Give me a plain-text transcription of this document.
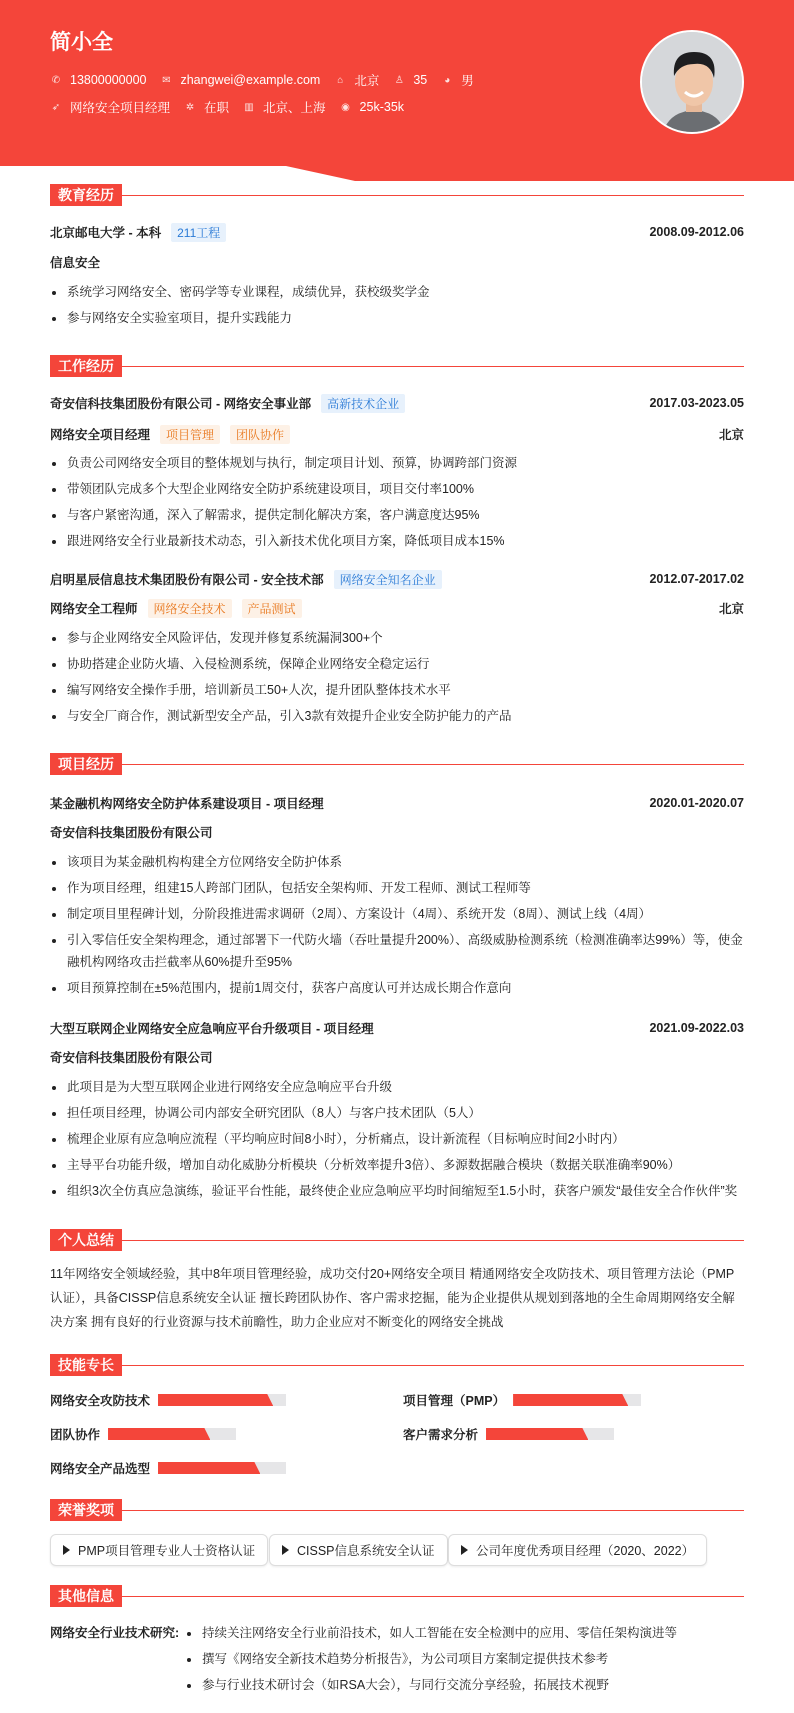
简小全
✆ 13800000000 ✉ zhangwei@example.com ⌂ 北京 ♙ 35 ◕ 男
➶ 网络安全项目经理 ✲ 在职 ▥ 北京、上海 ◉ 25k-35k
教育经历
北京邮电大学 - 本科	211工程	2008.09-2012.06
信息安全
系统学习网络安全、密码学等专业课程，成绩优异，获校级奖学金
参与网络安全实验室项目，提升实践能力
工作经历
奇安信科技集团股份有限公司 - 网络安全事业部	高新技术企业	2017.03-2023.05
网络安全项目经理	项目管理	团队协作	北京
负责公司网络安全项目的整体规划与执行，制定项目计划、预算，协调跨部门资源
带领团队完成多个大型企业网络安全防护系统建设项目，项目交付率100%
与客户紧密沟通，深入了解需求，提供定制化解决方案，客户满意度达95%
跟进网络安全行业最新技术动态，引入新技术优化项目方案，降低项目成本15%
启明星辰信息技术集团股份有限公司 - 安全技术部	网络安全知名企业	2012.07-2017.02
网络安全工程师	网络安全技术	产品测试	北京
参与企业网络安全风险评估，发现并修复系统漏洞300+个
协助搭建企业防火墙、入侵检测系统，保障企业网络安全稳定运行
编写网络安全操作手册，培训新员工50+人次，提升团队整体技术水平
与安全厂商合作，测试新型安全产品，引入3款有效提升企业安全防护能力的产品
项目经历
某金融机构网络安全防护体系建设项目 - 项目经理	2020.01-2020.07
奇安信科技集团股份有限公司
该项目为某金融机构构建全方位网络安全防护体系
作为项目经理，组建15人跨部门团队，包括安全架构师、开发工程师、测试工程师等
制定项目里程碑计划，分阶段推进需求调研（2周）、方案设计（4周）、系统开发（8周）、测试上线（4周）
引入零信任安全架构理念，通过部署下一代防火墙（吞吐量提升200%）、高级威胁检测系统（检测准确率达99%）等，使金融机构网络攻击拦截率从60%提升至95%
项目预算控制在±5%范围内，提前1周交付，获客户高度认可并达成长期合作意向
大型互联网企业网络安全应急响应平台升级项目 - 项目经理	2021.09-2022.03
奇安信科技集团股份有限公司
此项目是为大型互联网企业进行网络安全应急响应平台升级
担任项目经理，协调公司内部安全研究团队（8人）与客户技术团队（5人）
梳理企业原有应急响应流程（平均响应时间8小时），分析痛点，设计新流程（目标响应时间2小时内）
主导平台功能升级，增加自动化威胁分析模块（分析效率提升3倍）、多源数据融合模块（数据关联准确率90%）
组织3次全仿真应急演练，验证平台性能，最终使企业应急响应平均时间缩短至1.5小时，获客户颁发“最佳安全合作伙伴”奖
个人总结
11年网络安全领域经验，其中8年项目管理经验，成功交付20+网络安全项目 精通网络安全攻防技术、项目管理方法论（PMP认证），具备CISSP信息系统安全认证 擅长跨团队协作、客户需求挖掘，能为企业提供从规划到落地的全生命周期网络安全解决方案 拥有良好的行业资源与技术前瞻性，助力企业应对不断变化的网络安全挑战
技能专长
网络安全攻防技术	项目管理（PMP）
团队协作	客户需求分析
网络安全产品选型
荣誉奖项
PMP项目管理专业人士资格认证	CISSP信息系统安全认证	公司年度优秀项目经理（2020、2022）
其他信息
网络安全行业技术研究:	持续关注网络安全行业前沿技术，如人工智能在安全检测中的应用、零信任架构演进等
撰写《网络安全新技术趋势分析报告》，为公司项目方案制定提供技术参考
参与行业技术研讨会（如RSA大会），与同行交流分享经验，拓展技术视野
